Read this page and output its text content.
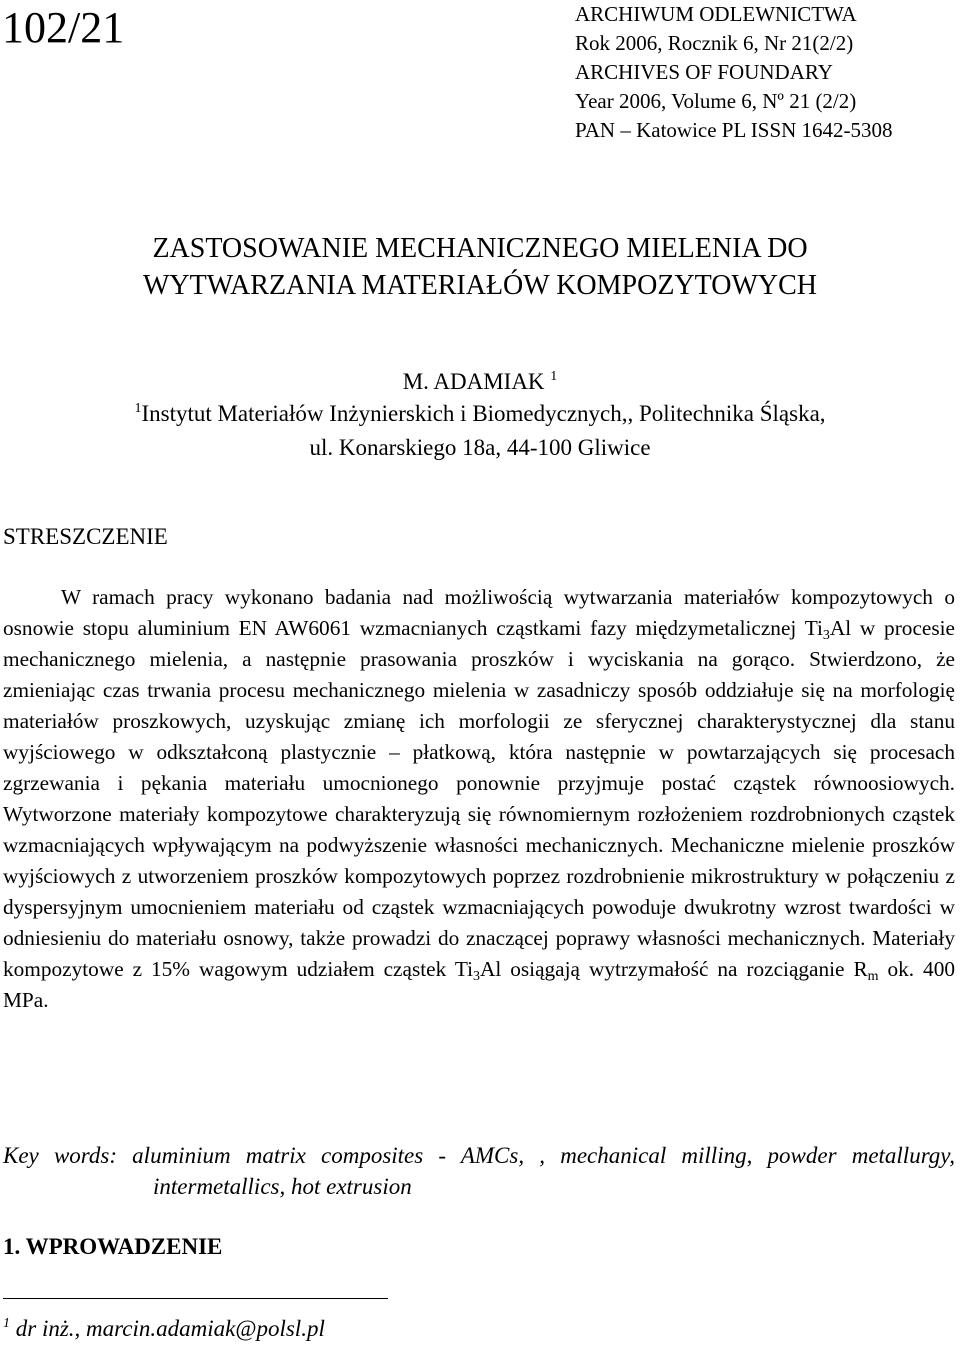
102/21	ARCHIWUM ODLEWNICTWA
Rok 2006, Rocznik 6, Nr 21(2/2)
ARCHIVES OF FOUNDARY
Year 2006, Volume 6, Nº 21 (2/2)
PAN – Katowice PL ISSN 1642-5308
ZASTOSOWANIE MECHANICZNEGO MIELENIA DO
WYTWARZANIA MATERIAŁÓW KOMPOZYTOWYCH
M. ADAMIAK $^1$
$^1$Instytut Materiałów Inżynierskich i Biomedycznych,, Politechnika Śląska,
ul. Konarskiego 18a, 44-100 Gliwice
STRESZCZENIE

W ramach pracy wykonano badania nad możliwością wytwarzania materiałów kompozytowych o osnowie stopu aluminium EN AW6061 wzmacnianych cząstkami fazy międzymetalicznej Ti3Al w procesie mechanicznego mielenia, a następnie prasowania proszków i wyciskania na gorąco. Stwierdzono, że zmieniając czas trwania procesu mechanicznego mielenia w zasadniczy sposób oddziałuje się na morfologię materiałów proszkowych, uzyskując zmianę ich morfologii ze sferycznej charakterystycznej dla stanu wyjściowego w odkształconą plastycznie – płatkową, która następnie w powtarzających się procesach zgrzewania i pękania materiału umocnionego ponownie przyjmuje postać cząstek równoosiowych. Wytworzone materiały kompozytowe charakteryzują się równomiernym rozłożeniem rozdrobnionych cząstek wzmacniających wpływającym na podwyższenie własności mechanicznych. Mechaniczne mielenie proszków wyjściowych z utworzeniem proszków kompozytowych poprzez rozdrobnienie mikrostruktury w połączeniu z dyspersyjnym umocnieniem materiału od cząstek wzmacniających powoduje dwukrotny wzrost twardości w odniesieniu do materiału osnowy, także prowadzi do znaczącej poprawy własności mechanicznych. Materiały kompozytowe z 15% wagowym udziałem cząstek Ti3Al osiągają wytrzymałość na rozciąganie Rm ok. 400 MPa.

Key words: aluminium matrix composites - AMCs, , mechanical milling, powder metallurgy, intermetallics, hot extrusion
1. WPROWADZENIE
$^1$ dr inż., marcin.adamiak@polsl.pl
